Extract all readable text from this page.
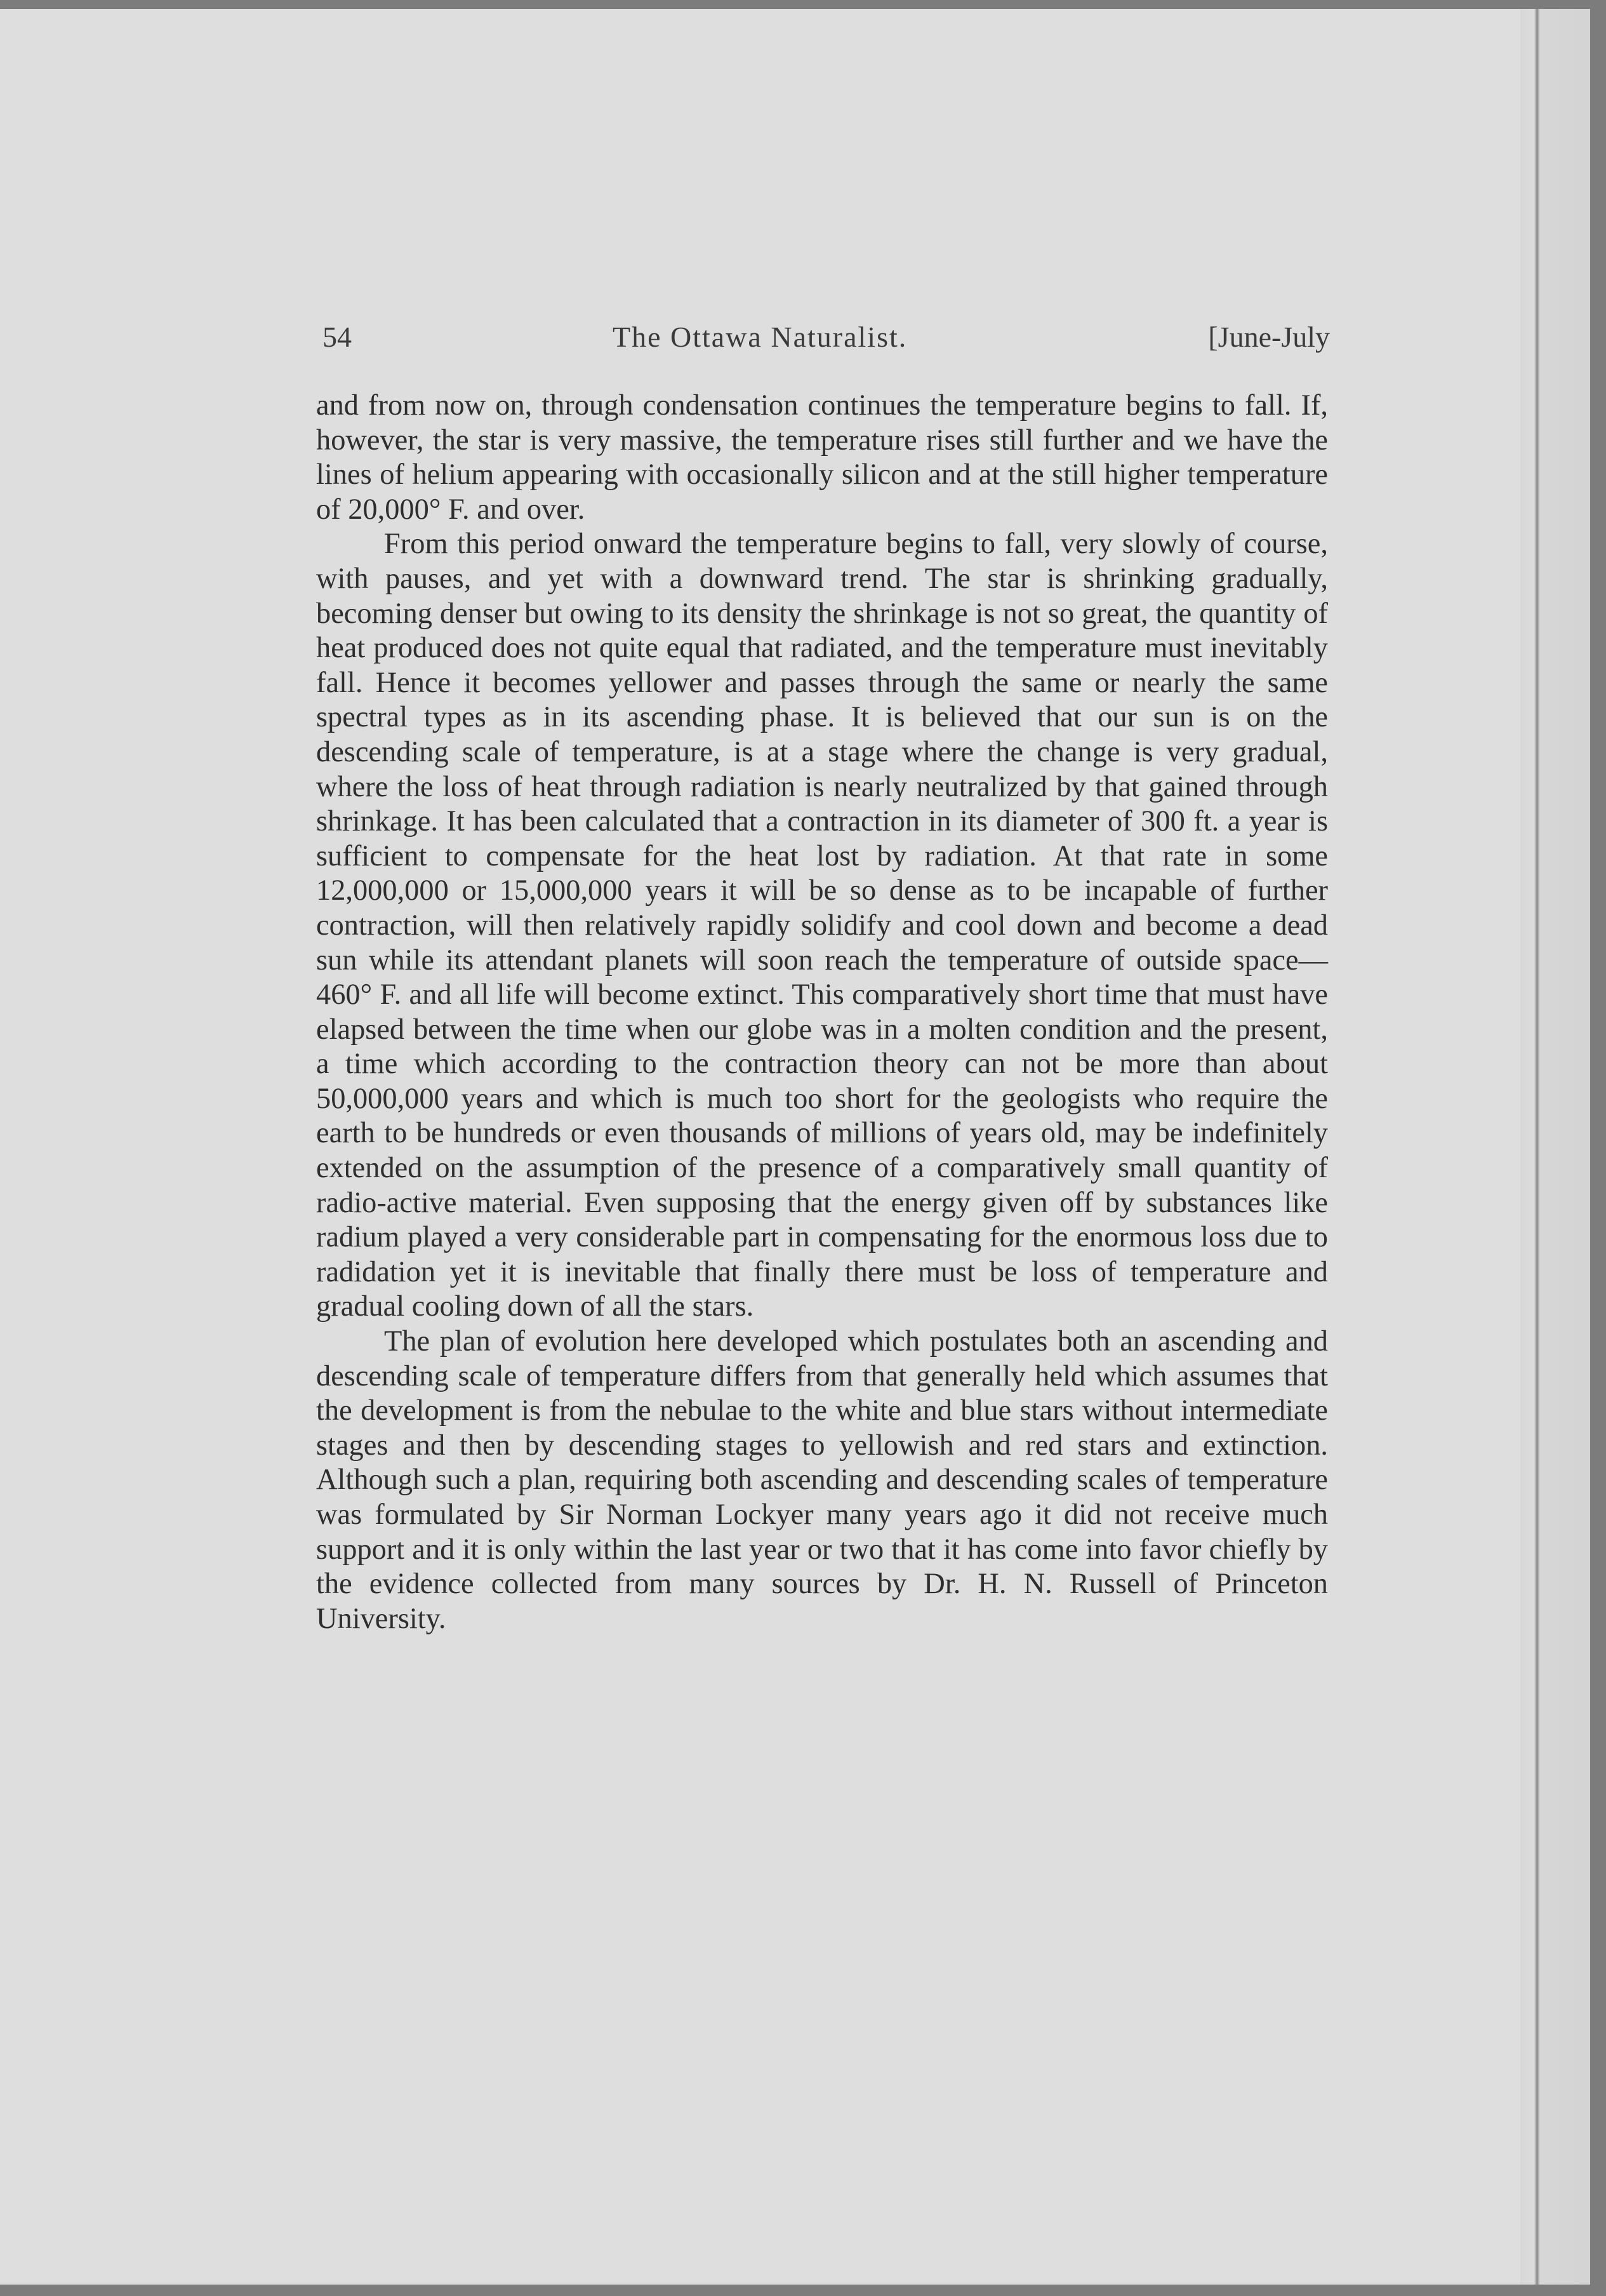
54	The Ottawa Naturalist.	[June-July

and from now on, through condensation continues the temperature begins to fall. If, however, the star is very massive, the temperature rises still further and we have the lines of helium appearing with occasionally silicon and at the still higher temperature of 20,000° F. and over.

From this period onward the temperature begins to fall, very slowly of course, with pauses, and yet with a downward trend. The star is shrinking gradually, becoming denser but owing to its density the shrinkage is not so great, the quantity of heat produced does not quite equal that radiated, and the temperature must inevitably fall. Hence it becomes yellower and passes through the same or nearly the same spectral types as in its ascending phase. It is believed that our sun is on the descending scale of temperature, is at a stage where the change is very gradual, where the loss of heat through radiation is nearly neutralized by that gained through shrinkage. It has been calculated that a contraction in its diameter of 300 ft. a year is sufficient to compensate for the heat lost by radiation. At that rate in some 12,000,000 or 15,000,000 years it will be so dense as to be incapable of further contraction, will then relatively rapidly solidify and cool down and become a dead sun while its attendant planets will soon reach the temperature of outside space—460° F. and all life will become extinct. This comparatively short time that must have elapsed between the time when our globe was in a molten condition and the present, a time which according to the contraction theory can not be more than about 50,000,000 years and which is much too short for the geologists who require the earth to be hundreds or even thousands of millions of years old, may be indefinitely extended on the assumption of the presence of a comparatively small quantity of radio-active material. Even supposing that the energy given off by substances like radium played a very considerable part in compensating for the enormous loss due to radidation yet it is inevitable that finally there must be loss of temperature and gradual cooling down of all the stars.

The plan of evolution here developed which postulates both an ascending and descending scale of temperature differs from that generally held which assumes that the development is from the nebulae to the white and blue stars without intermediate stages and then by descending stages to yellowish and red stars and extinction. Although such a plan, requiring both ascending and descending scales of temperature was formulated by Sir Norman Lockyer many years ago it did not receive much support and it is only within the last year or two that it has come into favor chiefly by the evidence collected from many sources by Dr. H. N. Russell of Princeton University.
